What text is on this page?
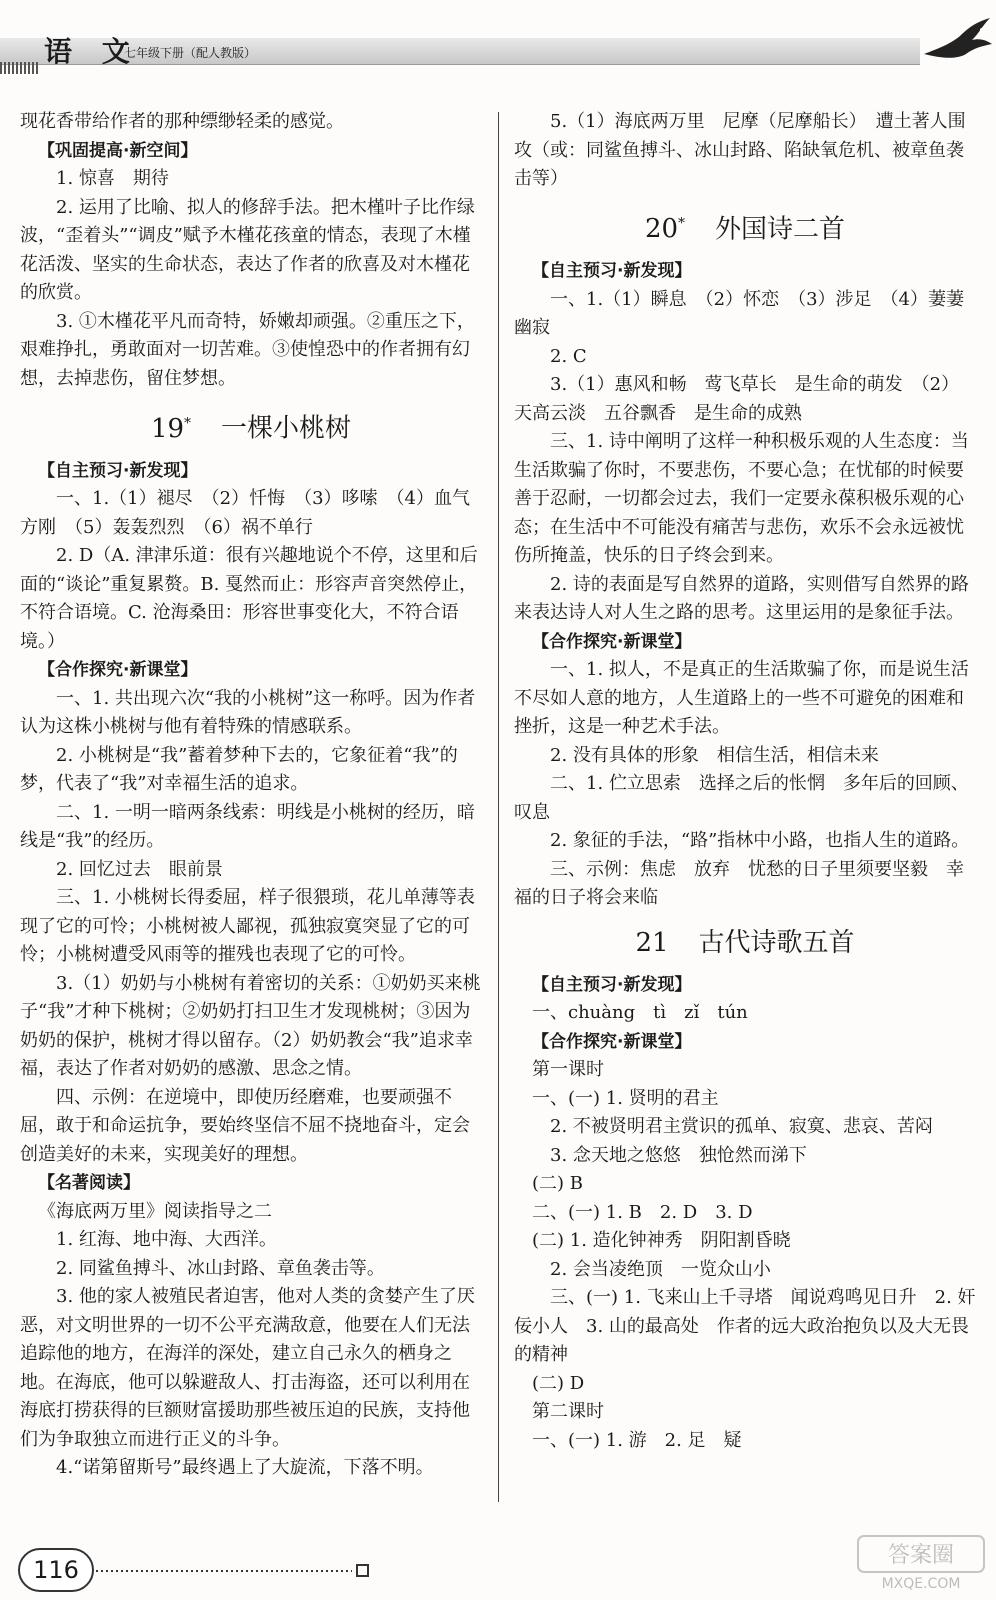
语 文
七年级下册（配人教版）

现花香带给作者的那种缥缈轻柔的感觉。

【巩固提高·新空间】

1. 惊喜　期待

2. 运用了比喻、拟人的修辞手法。把木槿叶子比作绿波，“歪着头”“调皮”赋予木槿花孩童的情态，表现了木槿花活泼、坚实的生命状态，表达了作者的欣喜及对木槿花的欣赏。

3. ①木槿花平凡而奇特，娇嫩却顽强。②重压之下，艰难挣扎，勇敢面对一切苦难。③使惶恐中的作者拥有幻想，去掉悲伤，留住梦想。

19* 一棵小桃树

【自主预习·新发现】

一、1.（1）褪尽　（2）忏悔　（3）哆嗦　（4）血气方刚　（5）轰轰烈烈　（6）祸不单行

2. D（A. 津津乐道：很有兴趣地说个不停，这里和后面的“谈论”重复累赘。B. 戛然而止：形容声音突然停止，不符合语境。C. 沧海桑田：形容世事变化大，不符合语境。）

【合作探究·新课堂】

一、1. 共出现六次“我的小桃树”这一称呼。因为作者认为这株小桃树与他有着特殊的情感联系。

2. 小桃树是“我”蓄着梦种下去的，它象征着“我”的梦，代表了“我”对幸福生活的追求。

二、1. 一明一暗两条线索：明线是小桃树的经历，暗线是“我”的经历。

2. 回忆过去　眼前景

三、1. 小桃树长得委屈，样子很猥琐，花儿单薄等表现了它的可怜；小桃树被人鄙视，孤独寂寞突显了它的可怜；小桃树遭受风雨等的摧残也表现了它的可怜。

3.（1）奶奶与小桃树有着密切的关系：①奶奶买来桃子“我”才种下桃树；②奶奶打扫卫生才发现桃树；③因为奶奶的保护，桃树才得以留存。（2）奶奶教会“我”追求幸福，表达了作者对奶奶的感激、思念之情。

四、示例：在逆境中，即使历经磨难，也要顽强不屈，敢于和命运抗争，要始终坚信不屈不挠地奋斗，定会创造美好的未来，实现美好的理想。

【名著阅读】

《海底两万里》阅读指导之二

1. 红海、地中海、大西洋。

2. 同鲨鱼搏斗、冰山封路、章鱼袭击等。

3. 他的家人被殖民者迫害，他对人类的贪婪产生了厌恶，对文明世界的一切不公平充满敌意，他要在人们无法追踪他的地方，在海洋的深处，建立自己永久的栖身之地。在海底，他可以躲避敌人、打击海盗，还可以利用在海底打捞获得的巨额财富援助那些被压迫的民族，支持他们为争取独立而进行正义的斗争。

4.“诺第留斯号”最终遇上了大旋流，下落不明。

5.（1）海底两万里　尼摩（尼摩船长）　遭土著人围攻（或：同鲨鱼搏斗、冰山封路、陷缺氧危机、被章鱼袭击等）

20* 外国诗二首

【自主预习·新发现】

一、1.（1）瞬息　（2）怀恋　（3）涉足　（4）萋萋　幽寂

2. C

3.（1）惠风和畅　莺飞草长　是生命的萌发　（2）天高云淡　五谷飘香　是生命的成熟

三、1. 诗中阐明了这样一种积极乐观的人生态度：当生活欺骗了你时，不要悲伤，不要心急；在忧郁的时候要善于忍耐，一切都会过去，我们一定要永葆积极乐观的心态；在生活中不可能没有痛苦与悲伤，欢乐不会永远被忧伤所掩盖，快乐的日子终会到来。

2. 诗的表面是写自然界的道路，实则借写自然界的路来表达诗人对人生之路的思考。这里运用的是象征手法。

【合作探究·新课堂】

一、1. 拟人，不是真正的生活欺骗了你，而是说生活不尽如人意的地方，人生道路上的一些不可避免的困难和挫折，这是一种艺术手法。

2. 没有具体的形象　相信生活，相信未来

二、1. 伫立思索　选择之后的怅惘　多年后的回顾、叹息

2. 象征的手法，“路”指林中小路，也指人生的道路。

三、示例：焦虑　放弃　忧愁的日子里须要坚毅　幸福的日子将会来临

21 古代诗歌五首

【自主预习·新发现】

一、chuàng　tì　zǐ　tún

【合作探究·新课堂】

第一课时

一、(一) 1. 贤明的君主

2. 不被贤明君主赏识的孤单、寂寞、悲哀、苦闷

3. 念天地之悠悠　独怆然而涕下

(二) B

二、(一) 1. B　2. D　3. D

(二) 1. 造化钟神秀　阴阳割昏晓

2. 会当凌绝顶　一览众山小

三、(一) 1. 飞来山上千寻塔　闻说鸡鸣见日升　2. 奸佞小人　3. 山的最高处　作者的远大政治抱负以及大无畏的精神

(二) D

第二课时

一、(一) 1. 游　2. 足　疑

116
答案圈
MXQE.COM
